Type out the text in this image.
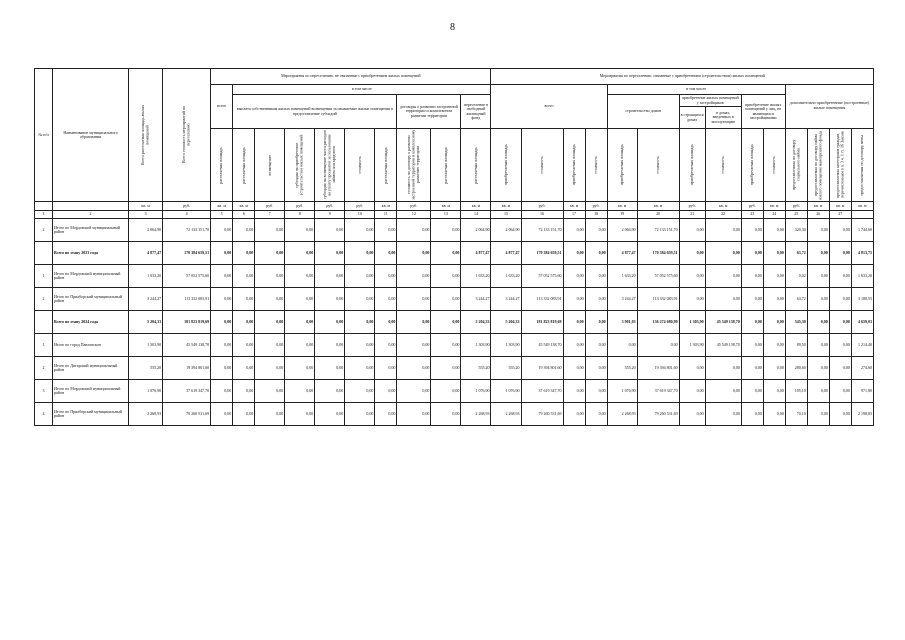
8
№ п/п	Наименование муниципального образования	Всего расселяемая площадь жилых помещений	Всего стоимость мероприятий по переселению	Мероприятия по переселению, не связанные с приобретением жилых помещений										Мероприятия по переселению, связанные с приобретением (строительством) жилых помещений													
				всего	в том числе									всего				в том числе						дополнительно приобретенные (построенные) жилые помещения			

					выплата собственникам жилых помещений возмещения за изымаемые жилые помещения и предоставление субсидий						договоры о развитии застроенной территории и комплексном развитии территории		переселение в свободный жилищный фонд					строительство домов		приобретение жилых помещений у застройщиков		приобретение жилых помещений у лиц, не являющихся застройщиками					
																				в строящихся домах	в домах, введенных в эксплуатацию						

				расселяемая площадь	расселяемая площадь	возмещение	субсидия на приобретение (строительство) жилых помещений	субсидия на возмещение части расходов на уплату процентов за пользование займом или кредитом	стоимость	расселяемая площадь	стоимость по договору о развитии застроенной территории и комплексному развитию территории	расселяемая площадь	расселяемая площадь	приобретаемая площадь	стоимость	приобретаемая площадь	стоимость	приобретаемая площадь	стоимость	приобретаемая площадь	стоимость	приобретаемая площадь	стоимость	предоставленная по договору социального найма	предоставляемая по договору найма жилого помещения маневренного фонда	предоставляемая категориям граждан, перечисленным в п. 3 ч. 1 ст. 16 Закона	предоставляемая по договору мены

		кв. м	руб.	кв. м	кв. м	руб.	руб.	руб.	руб.	кв. м	руб.	кв. м	кв. м	кв. м	руб.	кв. м	руб.	кв. м	кв. м	руб.	кв. м	руб.	кв. м	руб.	кв. м	кв. м	кв. м
1	2	3	4	5	6	7	8	9	10	11	12	13	14	15	16	17	18	19	20	21	22	23	24	25	26	27	
2	Итого по Мордовской муниципальный район	2 064,90	72 133 151,70	0,00	0,00	0,00	0,00	0,00	0,00	0,00	0,00	0,00	2 064,90	2 064,90	72 133 151,70	0,00	0,00	2 064,90	72 133 151,70	0,00	0,00	0,00	0,00	320,30	0,00	0,00	1 744,60
	Всего по этапу 2023 года	4 877,47	170 384 659,51	0,00	0,00	0,00	0,00	0,00	0,00	0,00	0,00	0,00	4 877,47	4 877,47	170 384 659,51	0,00	0,00	4 877,47	170 384 659,51	0,00	0,00	0,00	0,00	63,72	0,00	0,00	4 813,75
1	Итого по Мордовский муниципальный район	1 633,20	57 052 575,60	0,00	0,00	0,00	0,00	0,00	0,00	0,00	0,00	0,00	1 633,20	1 633,20	57 052 575,60	0,00	0,00	1 633,20	57 052 575,60	0,00	0,00	0,00	0,00	0,02	0,00	0,00	1 633,20
2	Итого по Приаборский муниципальный район	3 244,27	113 332 083,91	0,00	0,00	0,00	0,00	0,00	0,00	0,00	0,00	0,00	3 244,27	3 244,27	113 332 083,91	0,00	0,00	3 244,27	113 332 083,91	0,00	0,00	0,00	0,00	63,72	0,00	0,00	3 180,55
	Всего по этапу 2024 года	5 204,33	181 823 819,69	0,00	0,00	0,00	0,00	0,00	0,00	0,00	0,00	0,00	5 204,33	5 204,33	181 823 819,69	0,00	0,00	3 901,03	136 274 680,99	1 303,90	45 549 138,70	0,00	0,00	545,30	0,00	0,00	4 659,03
1	Итого по город Павловскон	1 303,90	45 549 138,70	0,00	0,00	0,00	0,00	0,00	0,00	0,00	0,00	0,00	1 303,90	1 303,90	45 549 138,70	0,00	0,00	0,00	0,00	1 303,90	45 549 138,70	0,00	0,00	89,50	0,00	0,00	1 214,40
2	Итого по Дигарский муниципальный район	555,20	19 394 801,60	0,00	0,00	0,00	0,00	0,00	0,00	0,00	0,00	0,00	555,20	555,20	19 394 801,60	0,00	0,00	555,20	19 394 801,60	0,00	0,00	0,00	0,00	280,60	0,00	0,00	274,60
3	Итого по Мордовский муниципальный район	1 076,90	37 619 347,70	0,00	0,00	0,00	0,00	0,00	0,00	0,00	0,00	0,00	1 076,90	1 076,90	37 619 347,70	0,00	0,00	1 076,90	37 619 347,70	0,00	0,00	0,00	0,00	105,10	0,00	0,00	971,80
4	Итого по Приаборский муниципальный район	2 268,93	79 260 531,69	0,00	0,00	0,00	0,00	0,00	0,00	0,00	0,00	0,00	2 268,93	2 268,93	79 260 531,69	0,00	0,00	2 268,93	79 260 531,69	0,00	0,00	0,00	0,00	70,10	0,00	0,00	2 198,83
